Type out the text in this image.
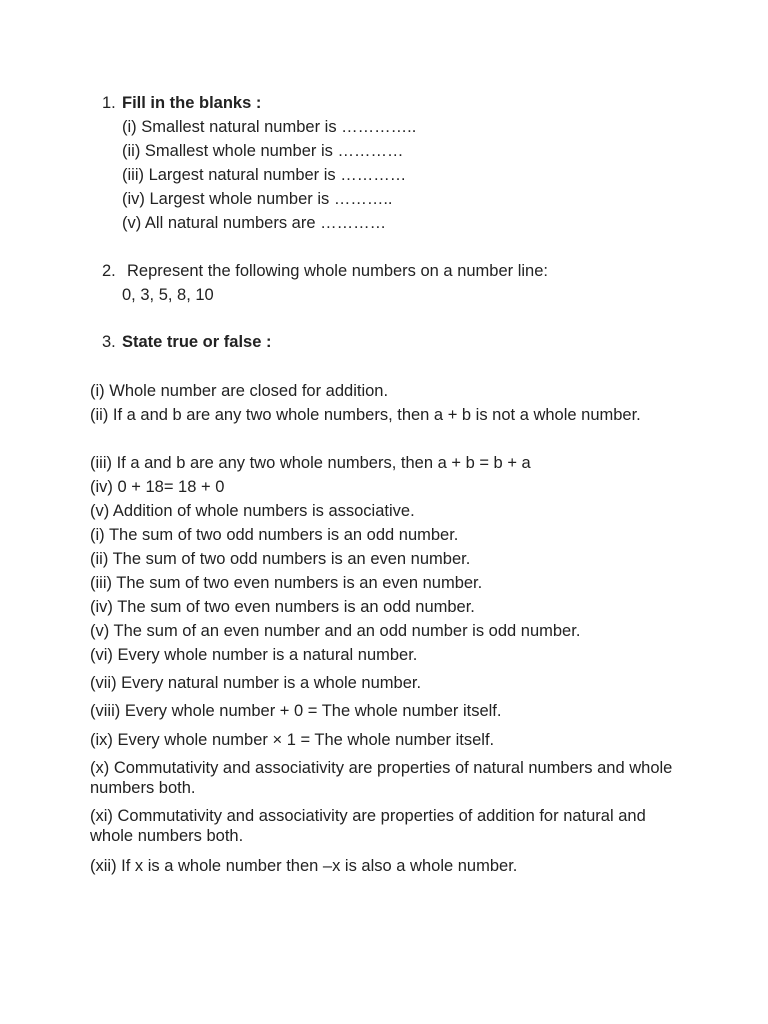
1. Fill in the blanks :
(i) Smallest natural number is …………..
(ii) Smallest whole number is …………
(iii) Largest natural number is …………
(iv) Largest whole number is ………..
(v) All natural numbers are …………
2. Represent the following whole numbers on a number line:
0, 3, 5, 8, 10
3. State true or false :
(i) Whole number are closed for addition.
(ii) If a and b are any two whole numbers, then a + b is not a whole number.
(iii) If a and b are any two whole numbers, then a + b = b + a
(iv) 0 + 18= 18 + 0
(v) Addition of whole numbers is associative.
(i) The sum of two odd numbers is an odd number.
(ii) The sum of two odd numbers is an even number.
(iii) The sum of two even numbers is an even number.
(iv) The sum of two even numbers is an odd number.
(v) The sum of an even number and an odd number is odd number.
(vi) Every whole number is a natural number.
(vii) Every natural number is a whole number.
(viii) Every whole number + 0 = The whole number itself.
(ix) Every whole number × 1 = The whole number itself.
(x) Commutativity and associativity are properties of natural numbers and whole numbers both.
(xi) Commutativity and associativity are properties of addition for natural and whole numbers both.
(xii) If x is a whole number then –x is also a whole number.
